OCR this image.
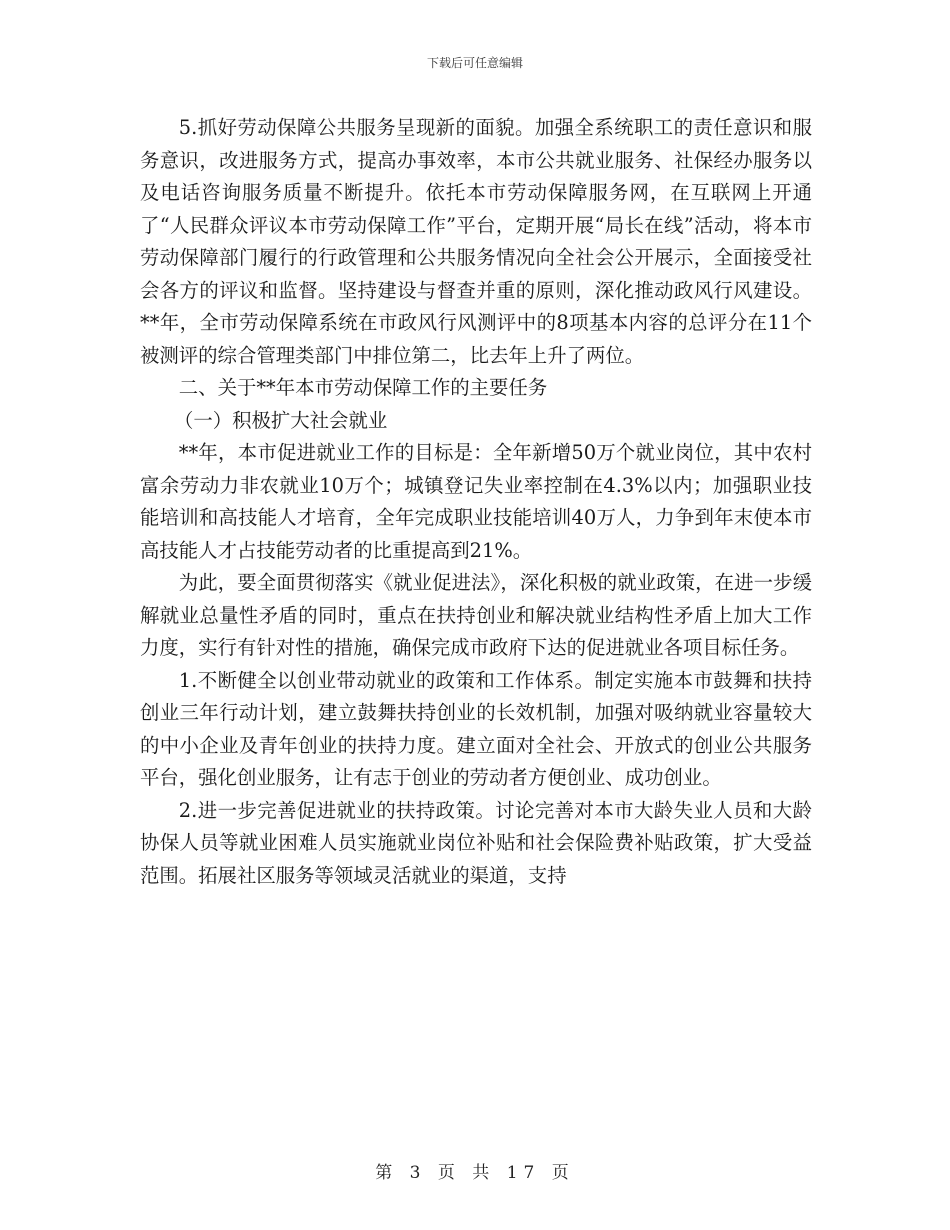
下载后可任意编辑

5.抓好劳动保障公共服务呈现新的面貌。加强全系统职工的责任意识和服务意识，改进服务方式，提高办事效率，本市公共就业服务、社保经办服务以及电话咨询服务质量不断提升。依托本市劳动保障服务网，在互联网上开通了“人民群众评议本市劳动保障工作”平台，定期开展“局长在线”活动，将本市劳动保障部门履行的行政管理和公共服务情况向全社会公开展示，全面接受社会各方的评议和监督。坚持建设与督查并重的原则，深化推动政风行风建设。**年，全市劳动保障系统在市政风行风测评中的8项基本内容的总评分在11个被测评的综合管理类部门中排位第二，比去年上升了两位。

二、关于**年本市劳动保障工作的主要任务

（一）积极扩大社会就业

**年，本市促进就业工作的目标是：全年新增50万个就业岗位，其中农村富余劳动力非农就业10万个；城镇登记失业率控制在4.3%以内；加强职业技能培训和高技能人才培育，全年完成职业技能培训40万人，力争到年末使本市高技能人才占技能劳动者的比重提高到21%。

为此，要全面贯彻落实《就业促进法》，深化积极的就业政策，在进一步缓解就业总量性矛盾的同时，重点在扶持创业和解决就业结构性矛盾上加大工作力度，实行有针对性的措施，确保完成市政府下达的促进就业各项目标任务。

1.不断健全以创业带动就业的政策和工作体系。制定实施本市鼓舞和扶持创业三年行动计划，建立鼓舞扶持创业的长效机制，加强对吸纳就业容量较大的中小企业及青年创业的扶持力度。建立面对全社会、开放式的创业公共服务平台，强化创业服务，让有志于创业的劳动者方便创业、成功创业。

2.进一步完善促进就业的扶持政策。讨论完善对本市大龄失业人员和大龄协保人员等就业困难人员实施就业岗位补贴和社会保险费补贴政策，扩大受益范围。拓展社区服务等领域灵活就业的渠道，支持

第 3 页 共 17 页
